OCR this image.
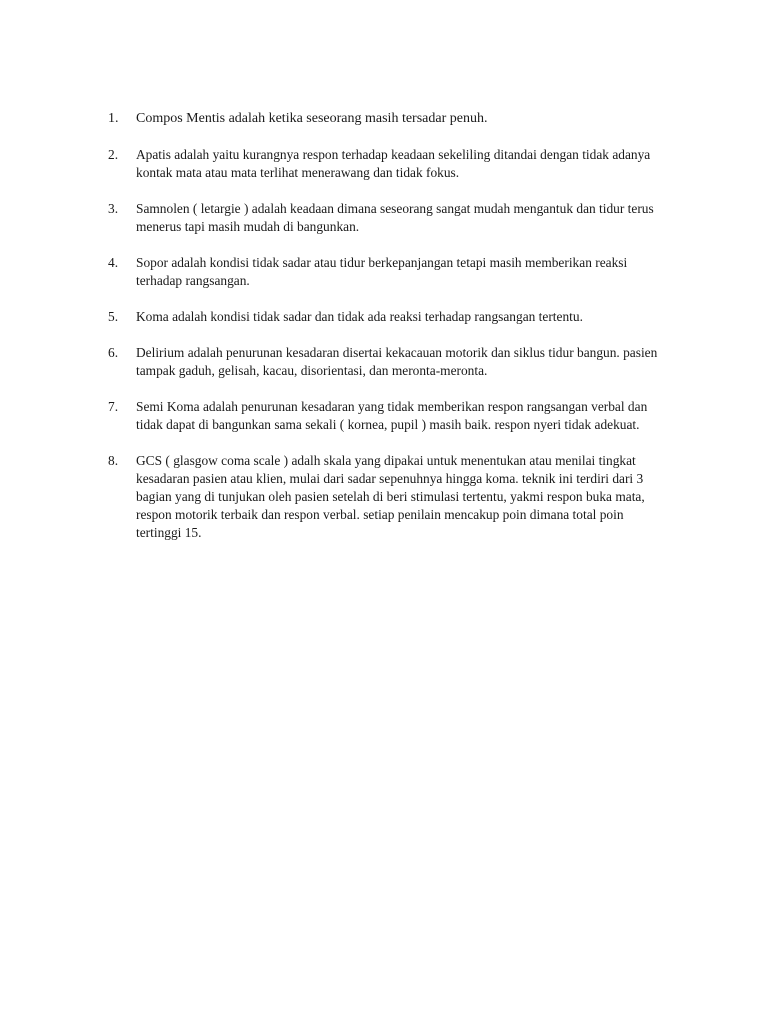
1.	Compos Mentis adalah ketika seseorang masih tersadar penuh.
2.	Apatis adalah yaitu kurangnya respon terhadap keadaan sekeliling ditandai dengan tidak adanya kontak mata atau mata terlihat menerawang dan tidak fokus.
3.	Samnolen ( letargie ) adalah keadaan dimana seseorang sangat mudah mengantuk dan tidur terus menerus tapi masih mudah di bangunkan.
4.	Sopor adalah kondisi tidak sadar atau tidur berkepanjangan tetapi masih memberikan reaksi terhadap rangsangan.
5.	Koma adalah kondisi tidak sadar dan tidak ada reaksi terhadap rangsangan tertentu.
6.	Delirium adalah penurunan kesadaran disertai kekacauan motorik dan siklus tidur bangun. pasien tampak gaduh, gelisah, kacau, disorientasi, dan meronta-meronta.
7.	Semi Koma adalah penurunan kesadaran yang tidak memberikan respon rangsangan verbal dan tidak dapat di bangunkan sama sekali ( kornea, pupil ) masih baik. respon nyeri tidak adekuat.
8.	GCS ( glasgow coma scale ) adalh skala yang dipakai untuk menentukan atau menilai tingkat kesadaran pasien atau klien, mulai dari sadar sepenuhnya hingga koma. teknik ini terdiri dari 3 bagian yang di tunjukan oleh pasien setelah di beri stimulasi tertentu, yakmi respon buka mata, respon motorik terbaik dan respon verbal. setiap penilain mencakup poin dimana total poin tertinggi 15.
